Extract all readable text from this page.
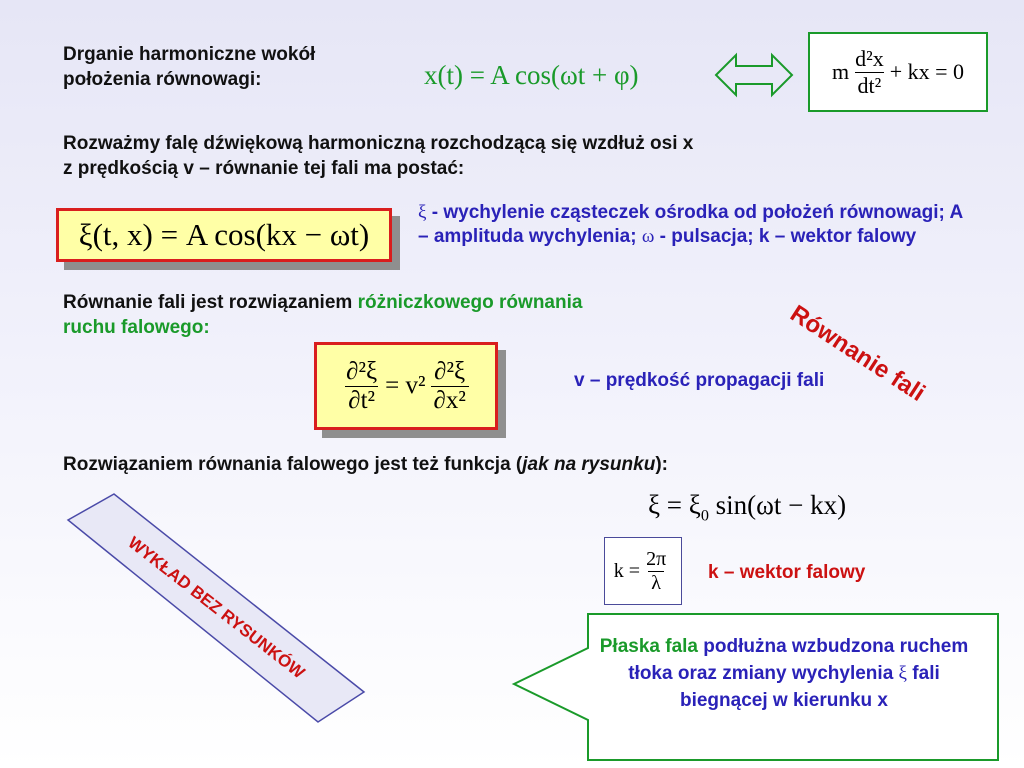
Drganie harmoniczne wokół
położenia równowagi:	x(t) = A cos(ωt + φ)	m $\frac{\text{d²x}}{\text{dt²}}$ + kx = 0
Rozważmy falę dźwiękową harmoniczną rozchodzącą się wzdłuż osi x
z prędkością v – równanie tej fali ma postać:
ξ(t, x) = A cos(kx − ωt)
ξ - wychylenie cząsteczek ośrodka od położeń równowagi; A – amplituda wychylenia; ω - pulsacja; k – wektor falowy
Równanie fali
Równanie fali jest rozwiązaniem różniczkowego równania
ruchu falowego:
$\frac{\text{∂²ξ}}{\text{∂t²}} = v^2 \frac{\text{∂²ξ}}{\text{∂x²}}$	v – prędkość propagacji fali
Rozwiązaniem równania falowego jest też funkcja (jak na rysunku):
$\xi = \xi_0$ sin(ωt − kx)
$k = \frac{2\pi}{\lambda}$ k – wektor falowy
WYKŁAD BEZ RYSUNKÓW	Płaska fala podłużna wzbudzona ruchem tłoka oraz zmiany wychylenia ξ fali biegnącej w kierunku x
